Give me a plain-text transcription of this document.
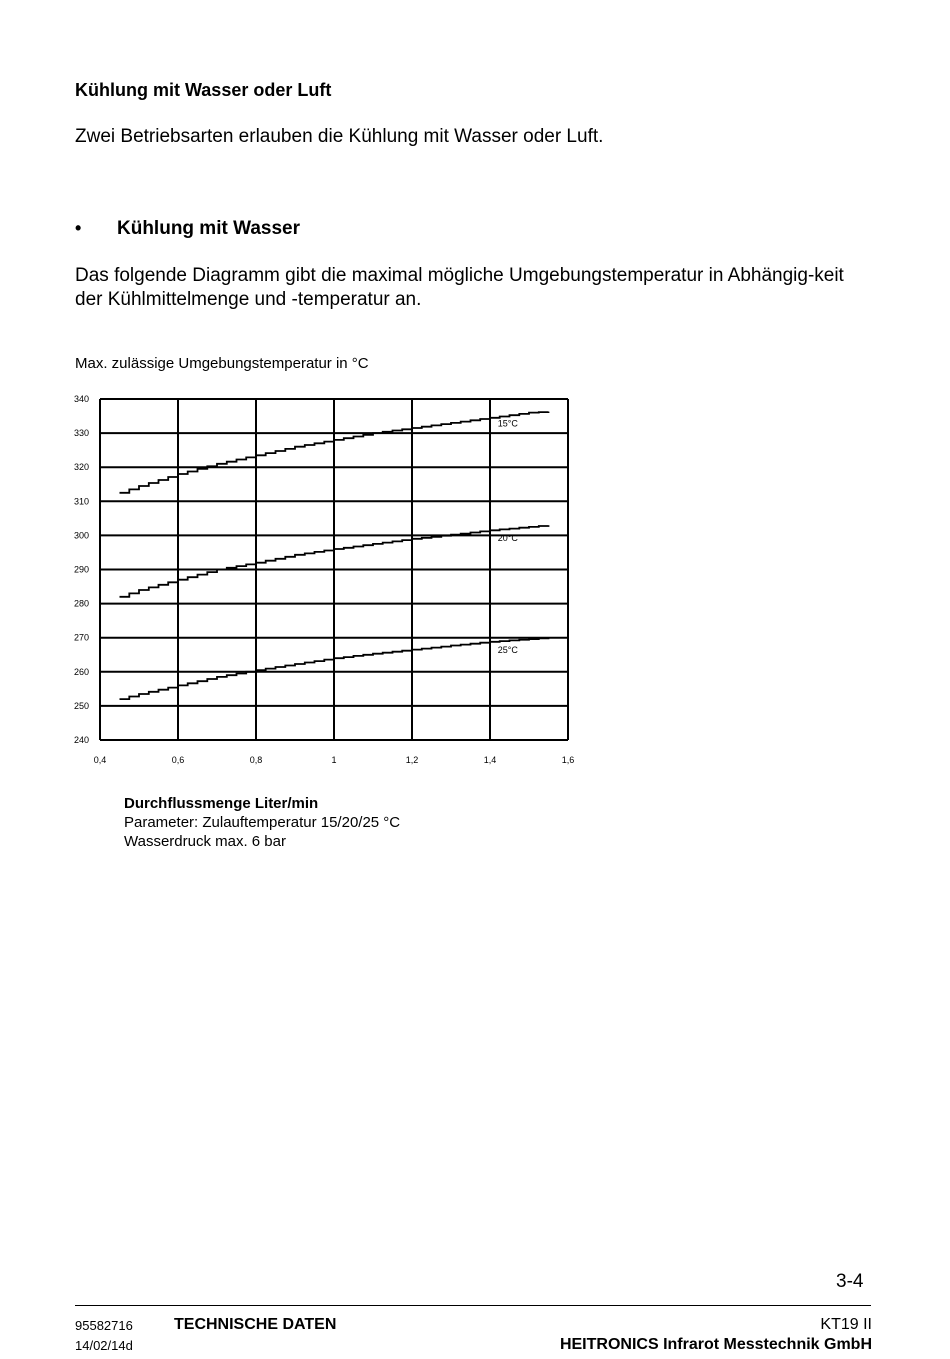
Kühlung mit Wasser oder Luft

Zwei Betriebsarten erlauben die Kühlung mit Wasser oder Luft.

• Kühlung mit Wasser

Das folgende Diagramm gibt die maximal mögliche Umgebungstemperatur in Abhängig-keit der Kühlmittelmenge und -temperatur an.

Max. zulässige Umgebungstemperatur in °C

240
250
260
270
280
290
300
310
320
330
340
0,4	0,6	0,8	1	1,2	1,4	1,6
15°C
20°C
25°C

Durchflussmenge Liter/min

Parameter: Zulauftemperatur 15/20/25 °C

Wasserdruck max. 6 bar

3-4
95582716
14/02/14d
TECHNISCHE DATEN	KT19 II
HEITRONICS Infrarot Messtechnik GmbH
